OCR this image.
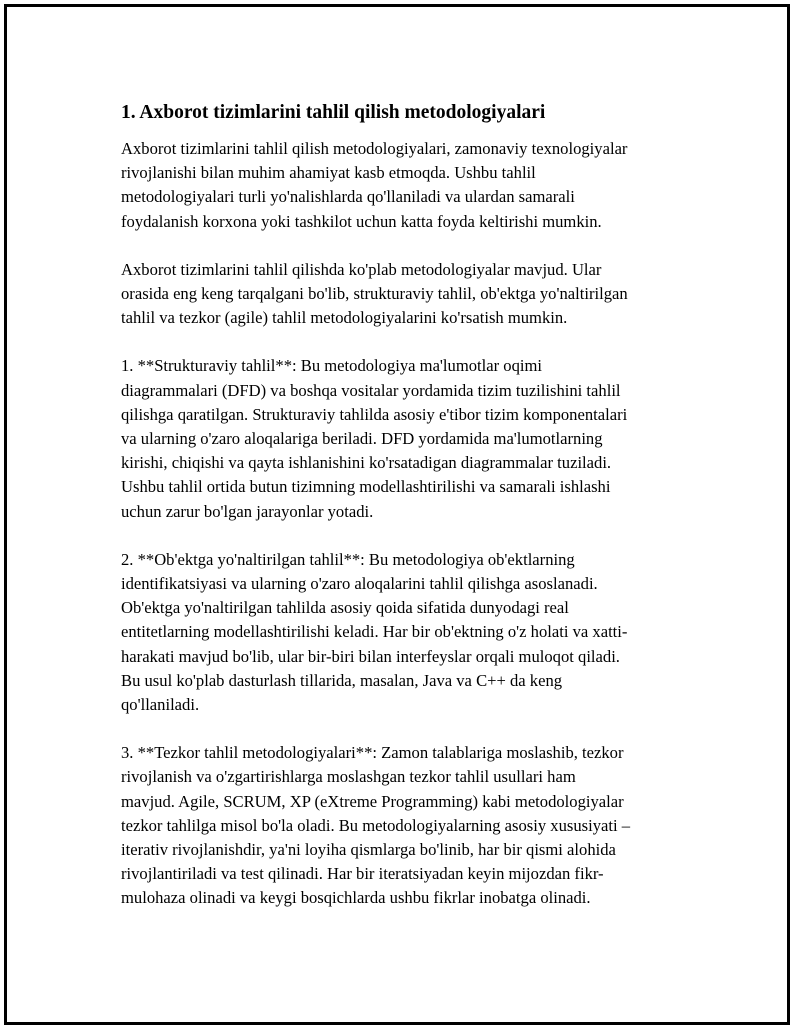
1. Axborot tizimlarini tahlil qilish metodologiyalari

Axborot tizimlarini tahlil qilish metodologiyalari, zamonaviy texnologiyalar
rivojlanishi bilan muhim ahamiyat kasb etmoqda. Ushbu tahlil
metodologiyalari turli yo'nalishlarda qo'llaniladi va ulardan samarali
foydalanish korxona yoki tashkilot uchun katta foyda keltirishi mumkin.

Axborot tizimlarini tahlil qilishda ko'plab metodologiyalar mavjud. Ular
orasida eng keng tarqalgani bo'lib, strukturaviy tahlil, ob'ektga yo'naltirilgan
tahlil va tezkor (agile) tahlil metodologiyalarini ko'rsatish mumkin.

1. **Strukturaviy tahlil**: Bu metodologiya ma'lumotlar oqimi
diagrammalari (DFD) va boshqa vositalar yordamida tizim tuzilishini tahlil
qilishga qaratilgan. Strukturaviy tahlilda asosiy e'tibor tizim komponentalari
va ularning o'zaro aloqalariga beriladi. DFD yordamida ma'lumotlarning
kirishi, chiqishi va qayta ishlanishini ko'rsatadigan diagrammalar tuziladi.
Ushbu tahlil ortida butun tizimning modellashtirilishi va samarali ishlashi
uchun zarur bo'lgan jarayonlar yotadi.

2. **Ob'ektga yo'naltirilgan tahlil**: Bu metodologiya ob'ektlarning
identifikatsiyasi va ularning o'zaro aloqalarini tahlil qilishga asoslanadi.
Ob'ektga yo'naltirilgan tahlilda asosiy qoida sifatida dunyodagi real
entitetlarning modellashtirilishi keladi. Har bir ob'ektning o'z holati va xatti-
harakati mavjud bo'lib, ular bir-biri bilan interfeyslar orqali muloqot qiladi.
Bu usul ko'plab dasturlash tillarida, masalan, Java va C++ da keng
qo'llaniladi.

3. **Tezkor tahlil metodologiyalari**: Zamon talablariga moslashib, tezkor
rivojlanish va o'zgartirishlarga moslashgan tezkor tahlil usullari ham
mavjud. Agile, SCRUM, XP (eXtreme Programming) kabi metodologiyalar
tezkor tahlilga misol bo'la oladi. Bu metodologiyalarning asosiy xususiyati –
iterativ rivojlanishdir, ya'ni loyiha qismlarga bo'linib, har bir qismi alohida
rivojlantiriladi va test qilinadi. Har bir iteratsiyadan keyin mijozdan fikr-
mulohaza olinadi va keygi bosqichlarda ushbu fikrlar inobatga olinadi.
